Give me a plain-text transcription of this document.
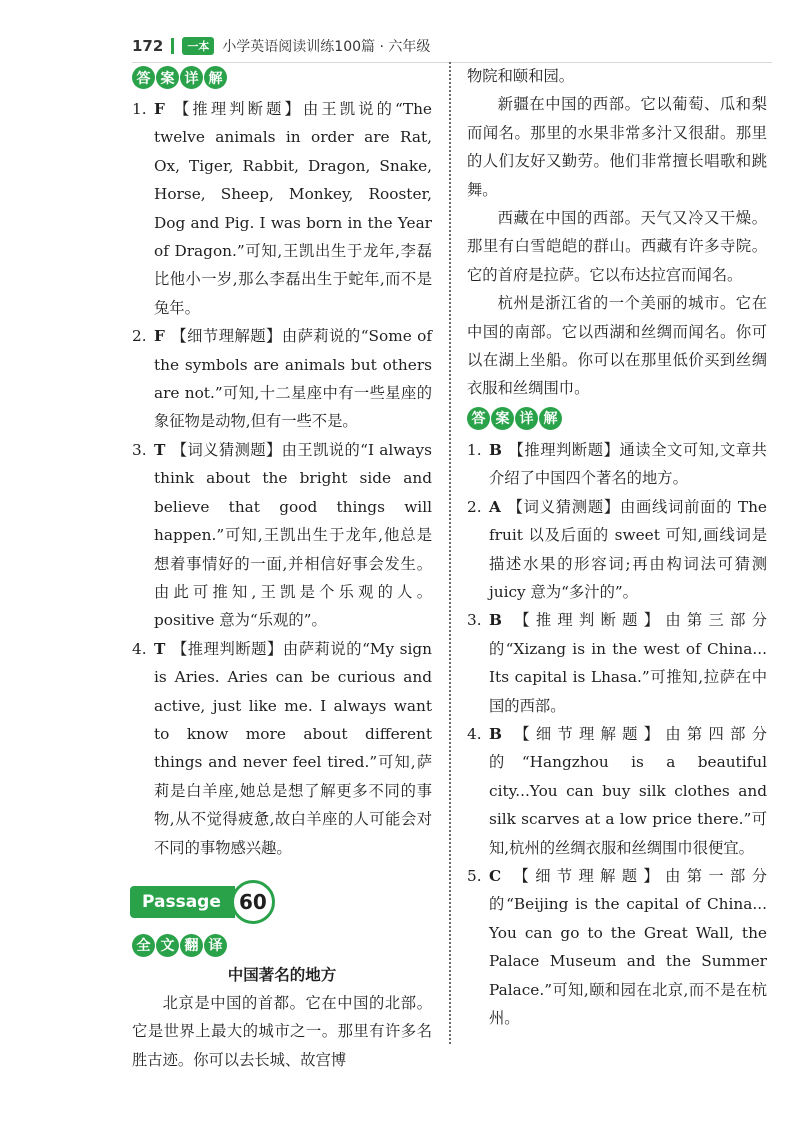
172	一本 小学英语阅读训练100篇 · 六年级
答 案 详 解
1. F 【推理判断题】由王凯说的“The twelve animals in order are Rat, Ox, Tiger, Rabbit, Dragon, Snake, Horse, Sheep, Monkey, Rooster, Dog and Pig. I was born in the Year of Dragon.”可知,王凯出生于龙年,李磊比他小一岁,那么李磊出生于蛇年,而不是兔年。
2. F 【细节理解题】由萨莉说的“Some of the symbols are animals but others are not.”可知,十二星座中有一些星座的象征物是动物,但有一些不是。
3. T 【词义猜测题】由王凯说的“I always think about the bright side and believe that good things will happen.”可知,王凯出生于龙年,他总是想着事情好的一面,并相信好事会发生。由此可推知,王凯是个乐观的人。positive 意为“乐观的”。
4. T 【推理判断题】由萨莉说的“My sign is Aries. Aries can be curious and active, just like me. I always want to know more about different things and never feel tired.”可知,萨莉是白羊座,她总是想了解更多不同的事物,从不觉得疲惫,故白羊座的人可能会对不同的事物感兴趣。
Passage 60
全 文 翻 译
中国著名的地方

北京是中国的首都。它在中国的北部。它是世界上最大的城市之一。那里有许多名胜古迹。你可以去长城、故宫博

物院和颐和园。

新疆在中国的西部。它以葡萄、瓜和梨而闻名。那里的水果非常多汁又很甜。那里的人们友好又勤劳。他们非常擅长唱歌和跳舞。

西藏在中国的西部。天气又冷又干燥。那里有白雪皑皑的群山。西藏有许多寺院。它的首府是拉萨。它以布达拉宫而闻名。

杭州是浙江省的一个美丽的城市。它在中国的南部。它以西湖和丝绸而闻名。你可以在湖上坐船。你可以在那里低价买到丝绸衣服和丝绸围巾。

答 案 详 解
1. B 【推理判断题】通读全文可知,文章共介绍了中国四个著名的地方。
2. A 【词义猜测题】由画线词前面的 The fruit 以及后面的 sweet 可知,画线词是描述水果的形容词;再由构词法可猜测 juicy 意为“多汁的”。
3. B 【推理判断题】由第三部分的“Xizang is in the west of China... Its capital is Lhasa.”可推知,拉萨在中国的西部。
4. B 【细节理解题】由第四部分的“Hangzhou is a beautiful city...You can buy silk clothes and silk scarves at a low price there.”可知,杭州的丝绸衣服和丝绸围巾很便宜。
5. C 【细节理解题】由第一部分的“Beijing is the capital of China... You can go to the Great Wall, the Palace Museum and the Summer Palace.”可知,颐和园在北京,而不是在杭州。
